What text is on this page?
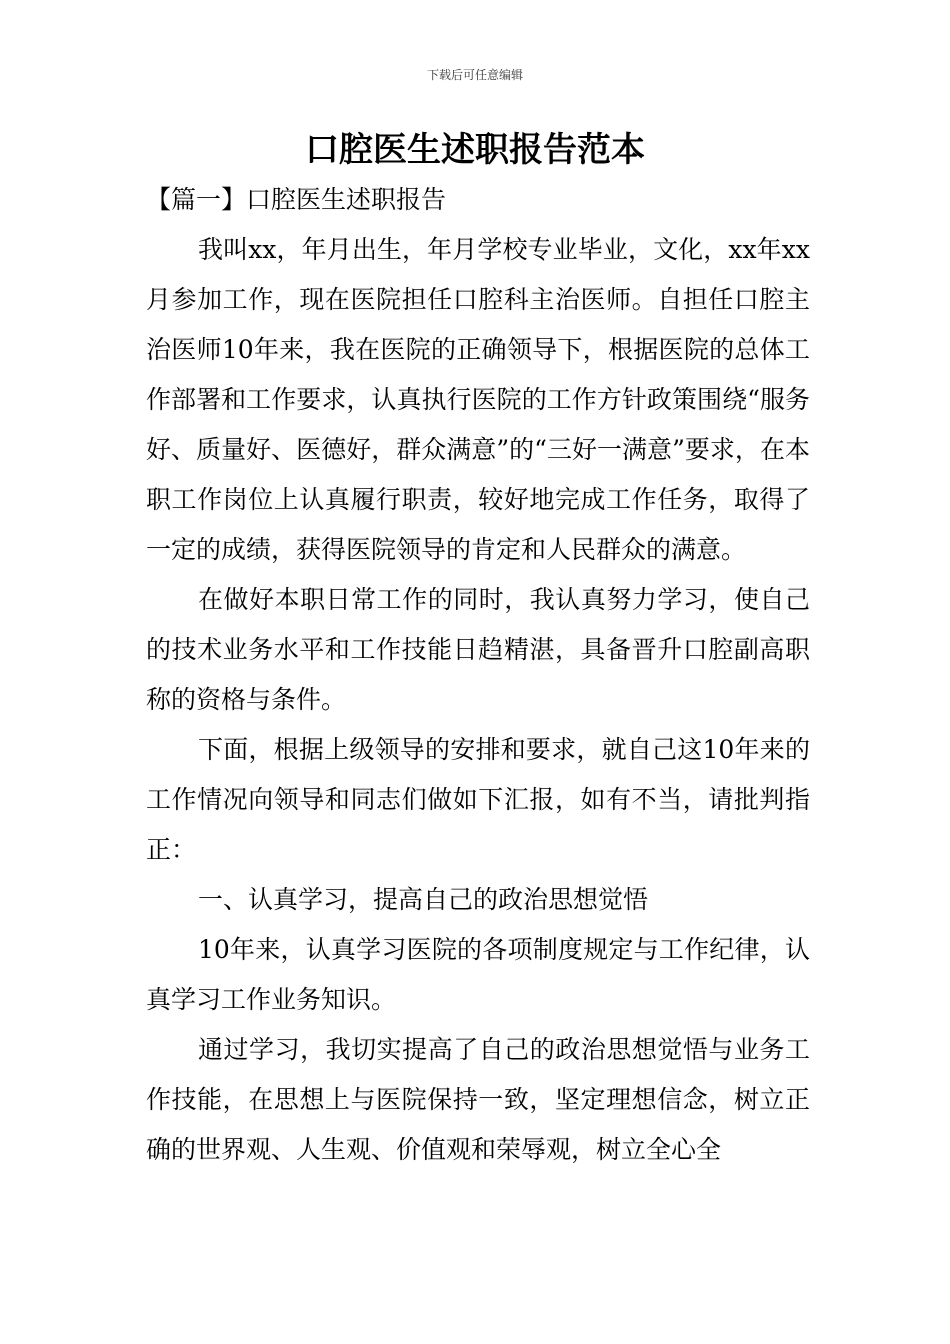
下载后可任意编辑
口腔医生述职报告范本

【篇一】口腔医生述职报告

我叫xx，年月出生，年月学校专业毕业，文化，xx年xx月参加工作，现在医院担任口腔科主治医师。自担任口腔主治医师10年来，我在医院的正确领导下，根据医院的总体工作部署和工作要求，认真执行医院的工作方针政策围绕“服务好、质量好、医德好，群众满意”的“三好一满意”要求，在本职工作岗位上认真履行职责，较好地完成工作任务，取得了一定的成绩，获得医院领导的肯定和人民群众的满意。

在做好本职日常工作的同时，我认真努力学习，使自己的技术业务水平和工作技能日趋精湛，具备晋升口腔副高职称的资格与条件。

下面，根据上级领导的安排和要求，就自己这10年来的工作情况向领导和同志们做如下汇报，如有不当，请批判指正：

一、认真学习，提高自己的政治思想觉悟

10年来，认真学习医院的各项制度规定与工作纪律，认真学习工作业务知识。

通过学习，我切实提高了自己的政治思想觉悟与业务工作技能，在思想上与医院保持一致，坚定理想信念，树立正确的世界观、人生观、价值观和荣辱观，树立全心全
